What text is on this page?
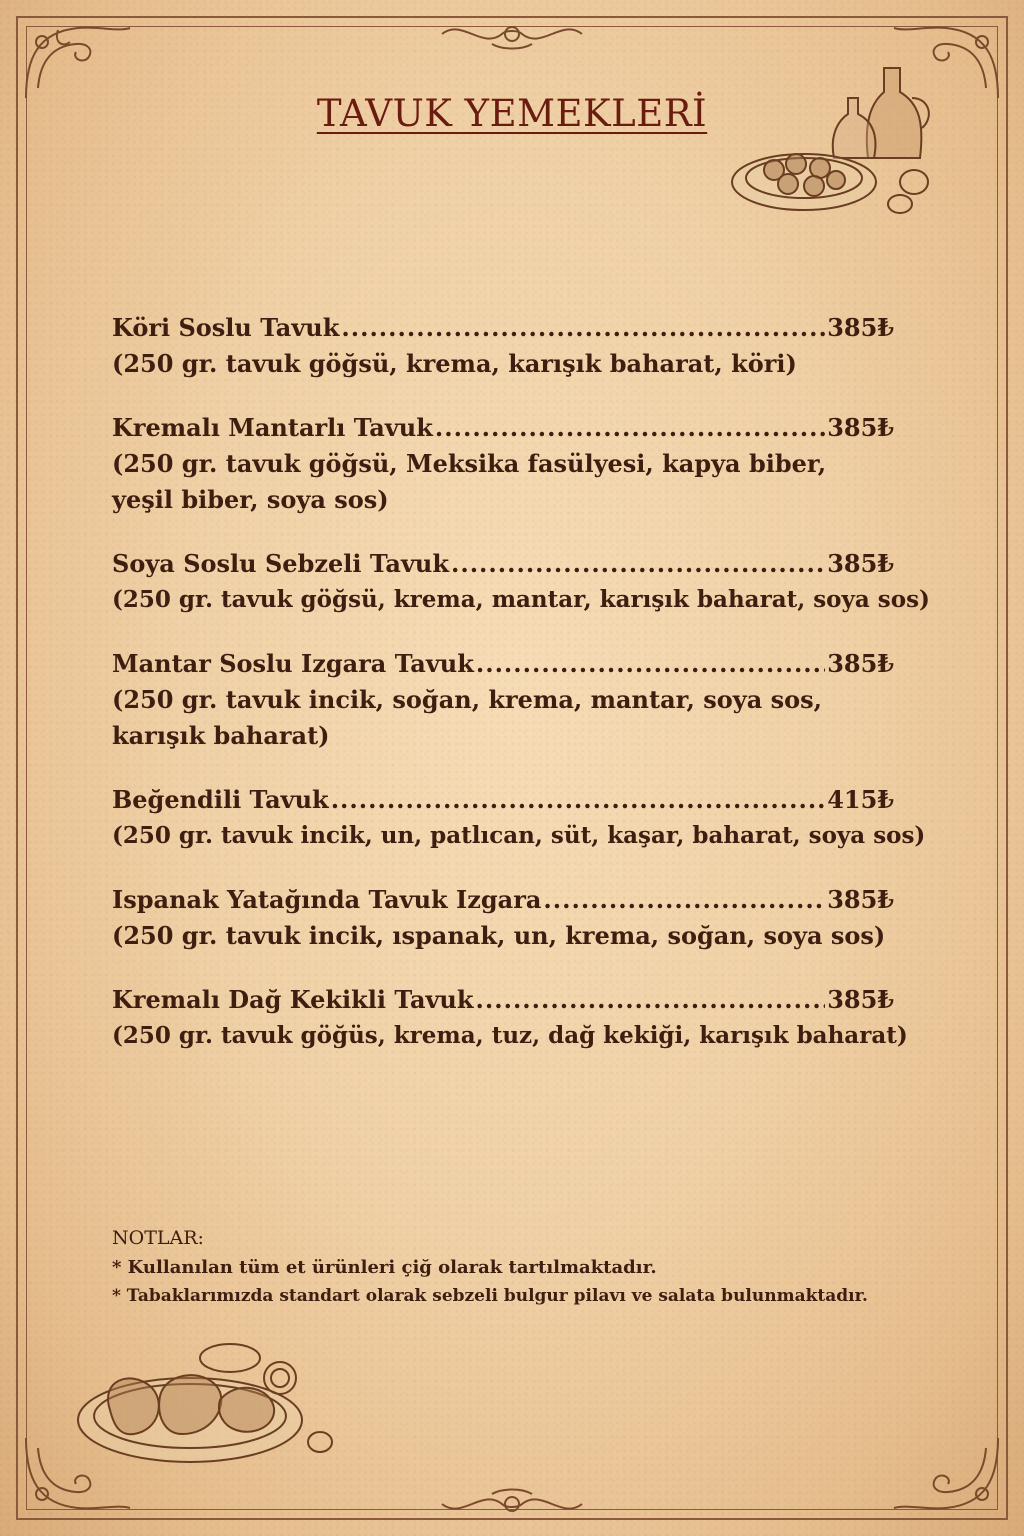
TAVUK YEMEKLERİ
Köri Soslu Tavuk .....	385₺
(250 gr. tavuk göğsü, krema, karışık baharat, köri)
Kremalı Mantarlı Tavuk .....	385₺
(250 gr. tavuk göğsü, Meksika fasülyesi, kapya biber, yeşil biber, soya sos)
Soya Soslu Sebzeli Tavuk .....	385₺
(250 gr. tavuk göğsü, krema, mantar, karışık baharat, soya sos)
Mantar Soslu Izgara Tavuk .....	385₺
(250 gr. tavuk incik, soğan, krema, mantar, soya sos, karışık baharat)
Beğendili Tavuk .....	415₺
(250 gr. tavuk incik, un, patlıcan, süt, kaşar, baharat, soya sos)
Ispanak Yatağında Tavuk Izgara .....	385₺
(250 gr. tavuk incik, ıspanak, un, krema, soğan, soya sos)
Kremalı Dağ Kekikli Tavuk .....	385₺
(250 gr. tavuk göğüs, krema, tuz, dağ kekiği, karışık baharat)
NOTLAR:
* Kullanılan tüm et ürünleri çiğ olarak tartılmaktadır.
* Tabaklarımızda standart olarak sebzeli bulgur pilavı ve salata bulunmaktadır.
